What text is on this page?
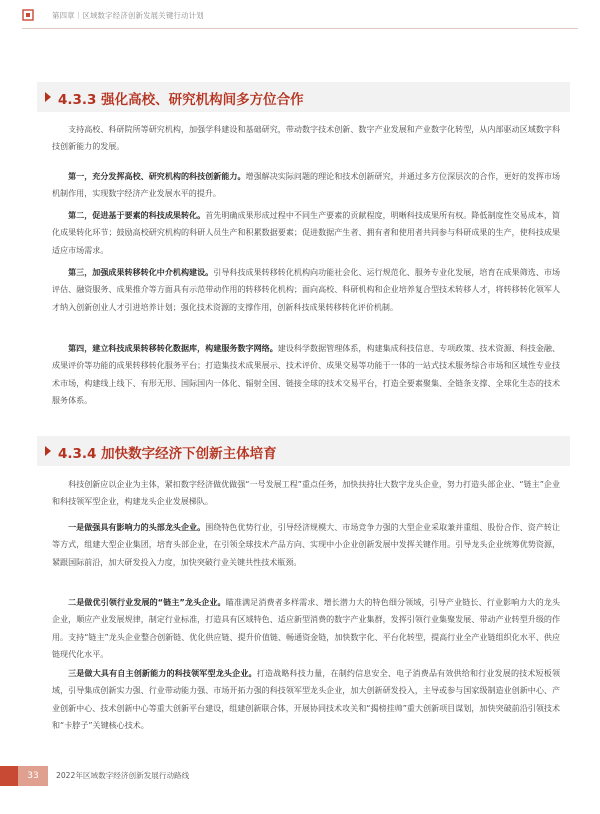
第四章｜区域数字经济创新发展关键行动计划
4.3.3 强化高校、研究机构间多方位合作

支持高校、科研院所等研究机构，加强学科建设和基础研究，带动数字技术创新、数字产业发展和产业数字化转型，从内部驱动区域数字科技创新能力的发展。

第一，充分发挥高校、研究机构的科技创新能力。增强解决实际问题的理论和技术创新研究，并通过多方位深层次的合作，更好的发挥市场机制作用，实现数字经济产业发展水平的提升。

第二，促进基于要素的科技成果转化。首先明确成果形成过程中不同生产要素的贡献程度，明晰科技成果所有权。降低制度性交易成本，简化成果转化环节；鼓励高校研究机构的科研人员生产和积累数据要素；促进数据产生者、拥有者和使用者共同参与科研成果的生产，使科技成果适应市场需求。

第三，加强成果转移转化中介机构建设。引导科技成果转移转化机构向功能社会化、运行规范化、服务专业化发展，培育在成果筛选、市场评估、融资服务、成果推介等方面具有示范带动作用的转移转化机构；面向高校、科研机构和企业培养复合型技术转移人才，将转移转化领军人才纳入创新创业人才引进培养计划；强化技术资源的支撑作用，创新科技成果转移转化评价机制。

第四，建立科技成果转移转化数据库，构建服务数字网络。建设科学数据管理体系，构建集成科技信息、专项政策、技术资源、科技金融、成果评价等功能的成果转移转化服务平台；打造集技术成果展示、技术评价、成果交易等功能于一体的一站式技术服务综合市场和区域性专业技术市场，构建线上线下、有形无形、国际国内一体化、辐射全国、链接全球的技术交易平台，打造全要素聚集、全链条支撑、全球化生态的技术服务体系。

4.3.4 加快数字经济下创新主体培育

科技创新应以企业为主体，紧扣数字经济做优做强“一号发展工程”重点任务，加快扶持壮大数字龙头企业，努力打造头部企业、“链主”企业和科技领军型企业，构建龙头企业发展梯队。

一是做强具有影响力的头部龙头企业。围绕特色优势行业，引导经济规模大、市场竞争力强的大型企业采取兼并重组、股份合作、资产转让等方式，组建大型企业集团，培育头部企业，在引领全球技术产品方向、实现中小企业创新发展中发挥关键作用。引导龙头企业统筹优势资源，紧跟国际前沿，加大研发投入力度，加快突破行业关键共性技术瓶颈。

二是做优引领行业发展的“链主”龙头企业。瞄准满足消费者多样需求、增长潜力大的特色细分领域，引导产业链长、行业影响力大的龙头企业，顺应产业发展规律，制定行业标准，打造具有区域特色、适应新型消费的数字产业集群，发挥引领行业集聚发展、带动产业转型升级的作用。支持“链主”龙头企业整合创新链、优化供应链、提升价值链、畅通资金链，加快数字化、平台化转型，提高行业全产业链组织化水平、供应链现代化水平。

三是做大具有自主创新能力的科技领军型龙头企业。打造战略科技力量，在制约信息安全、电子消费品有效供给和行业发展的技术短板领域，引导集成创新实力强、行业带动能力强、市场开拓力强的科技领军型龙头企业，加大创新研发投入，主导或参与国家级制造业创新中心、产业创新中心、技术创新中心等重大创新平台建设，组建创新联合体，开展协同技术攻关和“揭榜挂帅”重大创新项目谋划，加快突破前沿引领技术和“卡脖子”关键核心技术。

33	2022年区域数字经济创新发展行动路线
